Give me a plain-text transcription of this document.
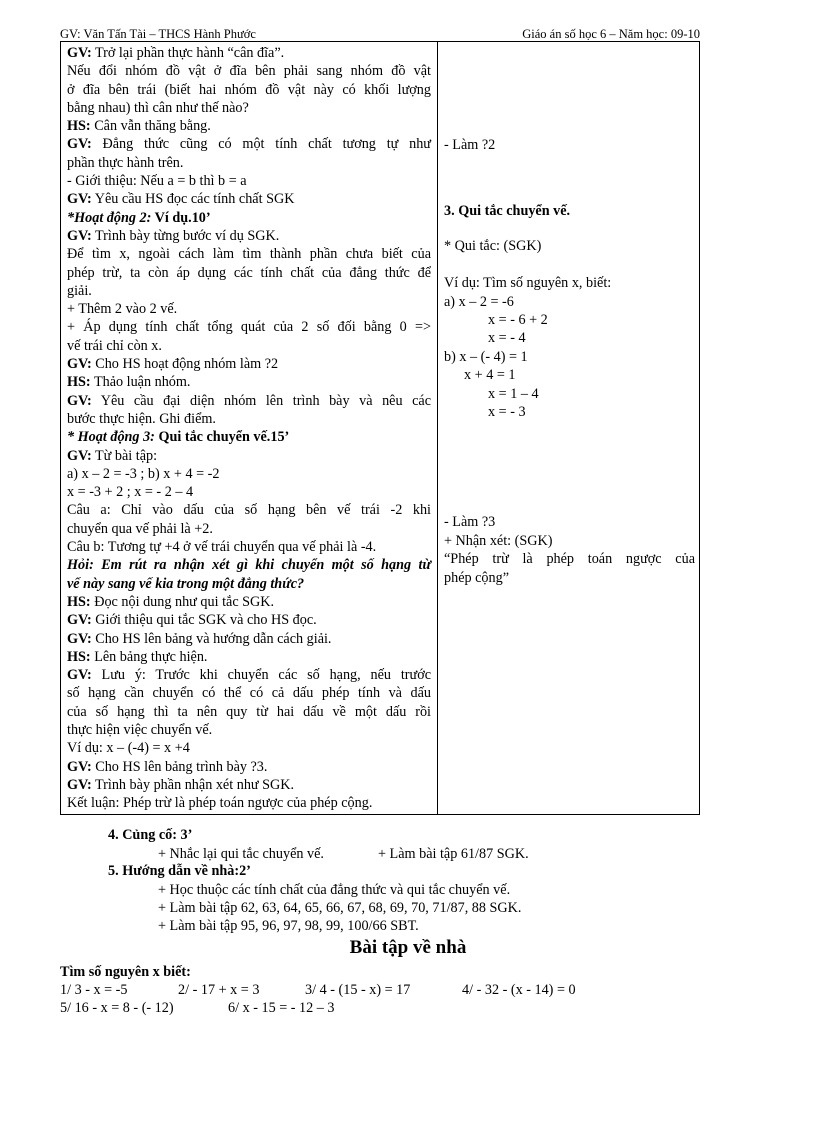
GV: Văn Tấn Tài – THCS Hành Phước	Giáo án số học 6 – Năm học: 09-10
GV: Trở lại phần thực hành “cân đĩa”.
Nếu đổi nhóm đồ vật ở đĩa bên phải sang nhóm đồ vật
ở đĩa bên trái (biết hai nhóm đồ vật này có khối lượng
bằng nhau) thì cân như thế nào?
HS: Cân vẫn thăng bằng.
GV: Đẳng thức cũng có một tính chất tương tự như
phần thực hành trên.
- Giới thiệu: Nếu a = b thì b = a
GV: Yêu cầu HS đọc các tính chất SGK
*Hoạt động 2: Ví dụ.10’
GV: Trình bày từng bước ví dụ SGK.
Để tìm x, ngoài cách làm tìm thành phần chưa biết của
phép trừ, ta còn áp dụng các tính chất của đẳng thức để
giải.
+ Thêm 2 vào 2 vế.
+ Áp dụng tính chất tổng quát của 2 số đối bằng 0 =>
vế trái chỉ còn x.
GV: Cho HS hoạt động nhóm làm ?2
HS: Thảo luận nhóm.
GV: Yêu cầu đại diện nhóm lên trình bày và nêu các
bước thực hiện. Ghi điểm.
* Hoạt động 3: Qui tắc chuyển vế.15’
GV: Từ bài tập:
a) x – 2 = -3 ; b) x + 4 = -2
x = -3 + 2 ; x = - 2 – 4
Câu a: Chỉ vào dấu của số hạng bên vế trái -2 khi
chuyển qua vế phải là +2.
Câu b: Tương tự +4 ở vế trái chuyển qua vế phải là -4.
Hỏi: Em rút ra nhận xét gì khi chuyển một số hạng từ
vế này sang vế kia trong một đẳng thức?
HS: Đọc nội dung như qui tắc SGK.
GV: Giới thiệu qui tắc SGK và cho HS đọc.
GV: Cho HS lên bảng và hướng dẫn cách giải.
HS: Lên bảng thực hiện.
GV: Lưu ý: Trước khi chuyển các số hạng, nếu trước
số hạng cần chuyển có thể có cả dấu phép tính và dấu
của số hạng thì ta nên quy từ hai dấu về một dấu rồi
thực hiện việc chuyển vế.
Ví dụ: x – (-4) = x +4
GV: Cho HS lên bảng trình bày ?3.
GV: Trình bày phần nhận xét như SGK.
Kết luận: Phép trừ là phép toán ngược của phép cộng.
- Làm ?2
3. Qui tắc chuyển vế.
* Qui tắc: (SGK)
Ví dụ: Tìm số nguyên x, biết:
a) x – 2 = -6
x = - 6 + 2
x = - 4
b) x – (- 4) = 1
x + 4 = 1
x = 1 – 4
x = - 3
- Làm ?3
+ Nhận xét: (SGK)
“Phép trừ là phép toán ngược của
phép cộng”
4. Củng cố: 3’
+ Nhắc lại qui tắc chuyển vế.	+ Làm bài tập 61/87 SGK.
5. Hướng dẫn về nhà:2’
+ Học thuộc các tính chất của đẳng thức và qui tắc chuyển vế.
+ Làm bài tập 62, 63, 64, 65, 66, 67, 68, 69, 70, 71/87, 88 SGK.
+ Làm bài tập 95, 96, 97, 98, 99, 100/66 SBT.
Bài tập về nhà
Tìm số nguyên x biết:
1/ 3 - x = -5	2/ - 17 + x = 3	3/ 4 - (15 - x) = 17	4/ - 32 - (x - 14) = 0
5/ 16 - x = 8 - (- 12)	6/ x - 15 = - 12 – 3
